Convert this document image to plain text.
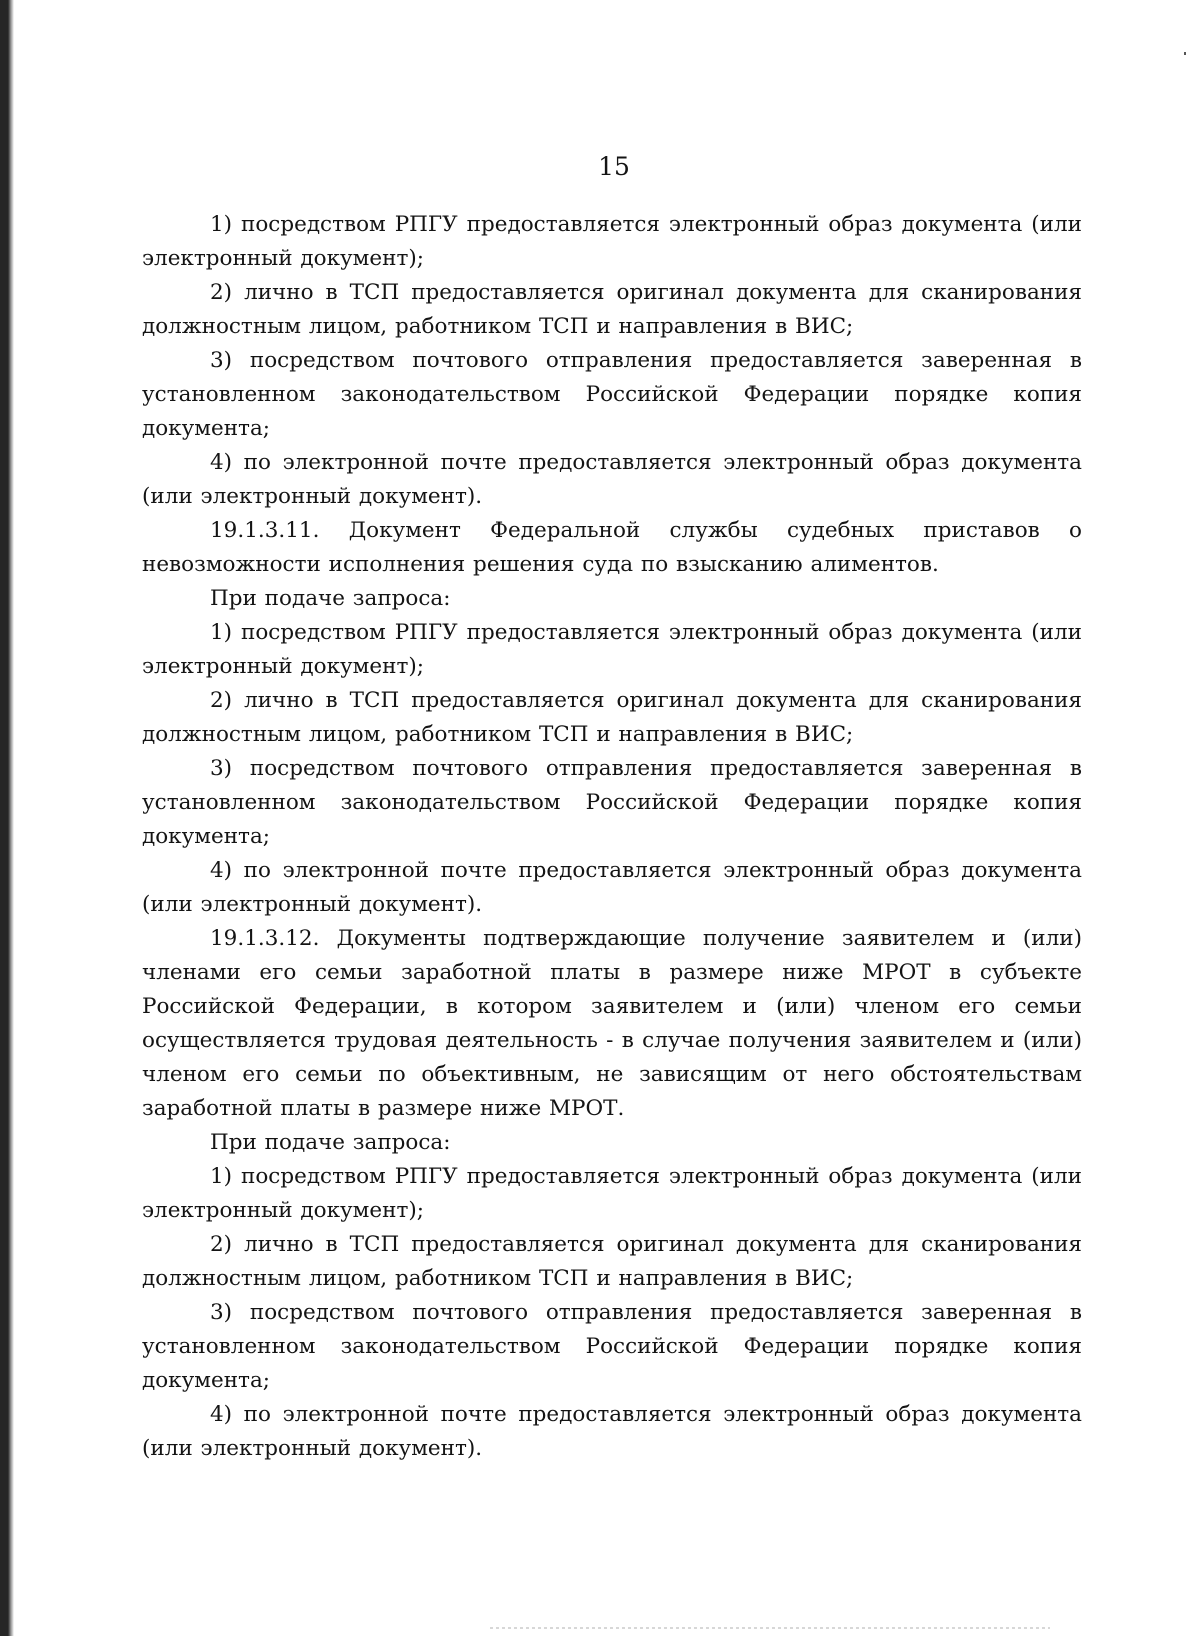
15

1) посредством РПГУ предоставляется электронный образ документа (или электронный документ);

2) лично в ТСП предоставляется оригинал документа для сканирования должностным лицом, работником ТСП и направления в ВИС;

3) посредством почтового отправления предоставляется заверенная в установленном законодательством Российской Федерации порядке копия документа;

4) по электронной почте предоставляется электронный образ документа (или электронный документ).

19.1.3.11. Документ Федеральной службы судебных приставов о невозможности исполнения решения суда по взысканию алиментов.

При подаче запроса:

1) посредством РПГУ предоставляется электронный образ документа (или электронный документ);

2) лично в ТСП предоставляется оригинал документа для сканирования должностным лицом, работником ТСП и направления в ВИС;

3) посредством почтового отправления предоставляется заверенная в установленном законодательством Российской Федерации порядке копия документа;

4) по электронной почте предоставляется электронный образ документа (или электронный документ).

19.1.3.12. Документы подтверждающие получение заявителем и (или) членами его семьи заработной платы в размере ниже МРОТ в субъекте Российской Федерации, в котором заявителем и (или) членом его семьи осуществляется трудовая деятельность - в случае получения заявителем и (или) членом его семьи по объективным, не зависящим от него обстоятельствам заработной платы в размере ниже МРОТ.

При подаче запроса:

1) посредством РПГУ предоставляется электронный образ документа (или электронный документ);

2) лично в ТСП предоставляется оригинал документа для сканирования должностным лицом, работником ТСП и направления в ВИС;

3) посредством почтового отправления предоставляется заверенная в установленном законодательством Российской Федерации порядке копия документа;

4) по электронной почте предоставляется электронный образ документа (или электронный документ).
